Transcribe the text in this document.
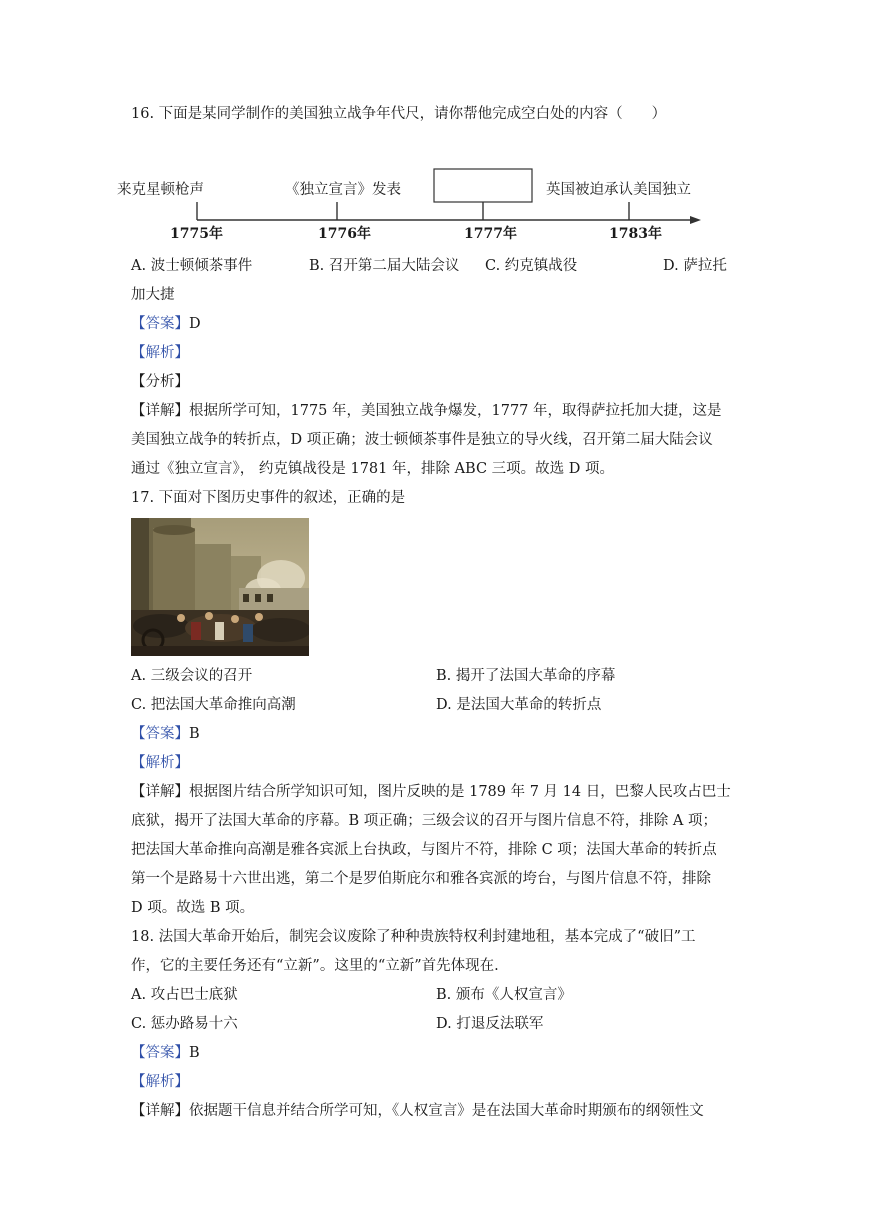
16. 下面是某同学制作的美国独立战争年代尺，请你帮他完成空白处的内容（　　）
来克星顿枪声	《独立宣言》发表	英国被迫承认美国独立
1775年	1776年	1777年	1783年
A. 波士顿倾茶事件	B. 召开第二届大陆会议	C. 约克镇战役	D. 萨拉托
加大捷
【答案】D
【解析】
【分析】
【详解】根据所学可知，1775 年，美国独立战争爆发，1777 年，取得萨拉托加大捷，这是
美国独立战争的转折点，D 项正确；波士顿倾茶事件是独立的导火线，召开第二届大陆会议
通过《独立宣言》， 约克镇战役是 1781 年，排除 ABC 三项。故选 D 项。
17. 下面对下图历史事件的叙述，正确的是
A. 三级会议的召开	B. 揭开了法国大革命的序幕
C. 把法国大革命推向高潮	D. 是法国大革命的转折点
【答案】B
【解析】
【详解】根据图片结合所学知识可知，图片反映的是 1789 年 7 月 14 日，巴黎人民攻占巴士
底狱，揭开了法国大革命的序幕。B 项正确；三级会议的召开与图片信息不符，排除 A 项；
把法国大革命推向高潮是雅各宾派上台执政，与图片不符，排除 C 项；法国大革命的转折点
第一个是路易十六世出逃，第二个是罗伯斯庇尔和雅各宾派的垮台，与图片信息不符，排除
D 项。故选 B 项。
18. 法国大革命开始后，制宪会议废除了种种贵族特权利封建地租，基本完成了“破旧”工
作，它的主要任务还有“立新”。这里的“立新”首先体现在.
A. 攻占巴士底狱	B. 颁布《人权宣言》
C. 惩办路易十六	D. 打退反法联军
【答案】B
【解析】
【详解】依据题干信息并结合所学可知，《人权宣言》是在法国大革命时期颁布的纲领性文
